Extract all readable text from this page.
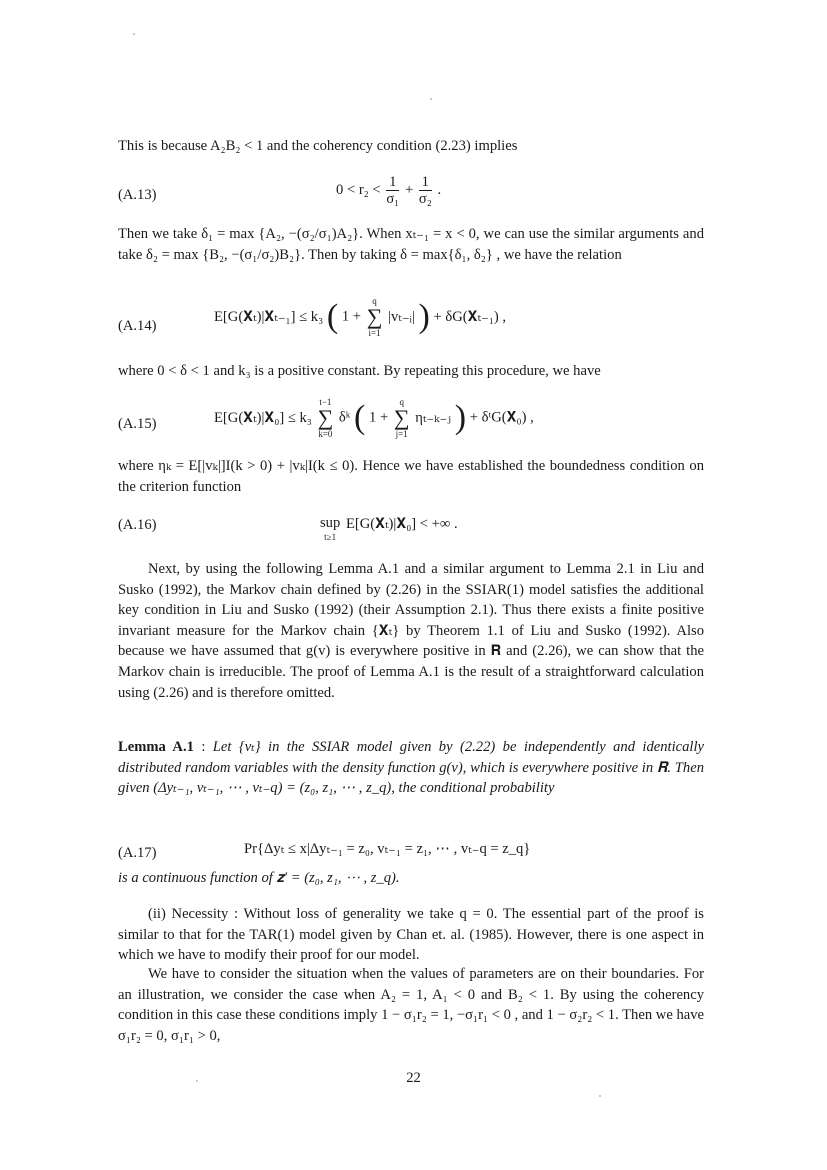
This is because A₂B₂ < 1 and the coherency condition (2.23) implies
(A.13)	$0 < r_2 < \frac{1}{\text{σ₁}} + \frac{1}{\text{σ₂}}$ .
Then we take δ₁ = max {A₂, −(σ₂/σ₁)A₂}. When xₜ₋₁ = x < 0, we can use the similar arguments and take δ₂ = max {B₂, −(σ₁/σ₂)B₂}. Then by taking δ = max{δ₁, δ₂} , we have the relation
(A.14)
E[G(𝐗ₜ)|𝐗ₜ₋₁] ≤ k₃ ( 1 +
q
∑
i=1
|vₜ₋ᵢ| ) + δG(𝐗ₜ₋₁) ,
where 0 < δ < 1 and k₃ is a positive constant. By repeating this procedure, we have
(A.15)	E[G(𝐗ₜ)|𝐗₀] ≤ k₃
t−1
∑
k=0
δᵏ ( 1 +
q
∑
j=1
ηₜ₋ₖ₋ⱼ ) + δᵗG(𝐗₀) ,
where ηₖ = E[|vₖ|]I(k > 0) + |vₖ|I(k ≤ 0). Hence we have established the boundedness condition on the criterion function
(A.16)	sup
t≥1
E[G(𝐗ₜ)|𝐗₀] < +∞ .
Next, by using the following Lemma A.1 and a similar argument to Lemma 2.1 in Liu and Susko (1992), the Markov chain defined by (2.26) in the SSIAR(1) model satisfies the additional key condition in Liu and Susko (1992) (their Assumption 2.1). Thus there exists a finite positive invariant measure for the Markov chain {𝐗ₜ} by Theorem 1.1 of Liu and Susko (1992). Also because we have assumed that g(v) is everywhere positive in 𝐑 and (2.26), we can show that the Markov chain is irreducible. The proof of Lemma A.1 is the result of a straightforward calculation using (2.26) and is therefore omitted.
Lemma A.1 : Let {vₜ} in the SSIAR model given by (2.22) be independently and identically distributed random variables with the density function g(v), which is everywhere positive in 𝐑. Then given (Δyₜ₋₁, vₜ₋₁, ⋯ , vₜ₋q) = (z₀, z₁, ⋯ , z_q), the conditional probability
(A.17)	Pr{Δyₜ ≤ x|Δyₜ₋₁ = z₀, vₜ₋₁ = z₁, ⋯ , vₜ₋q = z_q}
is a continuous function of 𝐳′ = (z₀, z₁, ⋯ , z_q).
(ii) Necessity : Without loss of generality we take q = 0. The essential part of the proof is similar to that for the TAR(1) model given by Chan et. al. (1985). However, there is one aspect in which we have to modify their proof for our model.
We have to consider the situation when the values of parameters are on their boundaries. For an illustration, we consider the case when A₂ = 1, A₁ < 0 and B₂ < 1. By using the coherency condition in this case these conditions imply 1 − σ₁r₂ = 1, −σ₁r₁ < 0 , and 1 − σ₂r₂ < 1. Then we have σ₁r₂ = 0, σ₁r₁ > 0,
22
